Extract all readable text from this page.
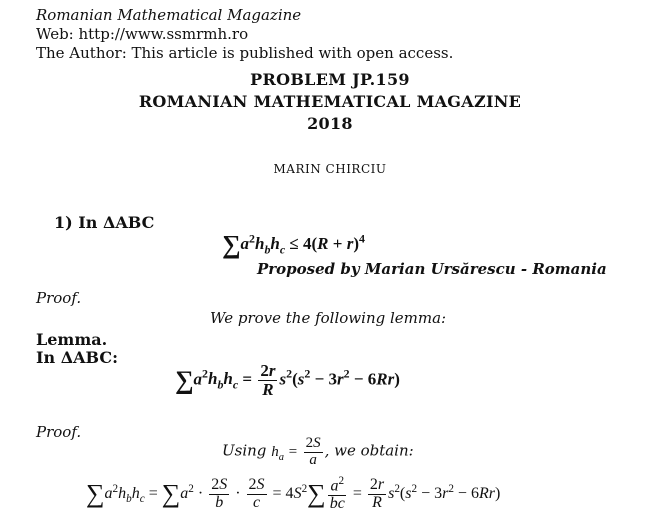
Romanian Mathematical Magazine
Web: http://www.ssmrmh.ro
The Author: This article is published with open access.
PROBLEM JP.159
ROMANIAN MATHEMATICAL MAGAZINE
2018
MARIN CHIRCIU
1) In ΔABC
$\sum a^2h_bh_c \le 4(R + r)^4$
Proposed by Marian Ursărescu - Romania
Proof.
We prove the following lemma:
Lemma.
In ΔABC:
$\sum a^2h_bh_c = \frac{2r}{R} s^2(s^2 - 3r^2 - 6Rr)$
Proof.
Using $h_a = \frac{2S}{a}$ , we obtain:
$\sum a^2h_bh_c = \sum a^2 \cdot \frac{2S}{b} \cdot \frac{2S}{c} = 4S^2\sum \frac{a^2}{bc} = \frac{2r}{R} s^2(s^2 - 3r^2 - 6Rr)$
